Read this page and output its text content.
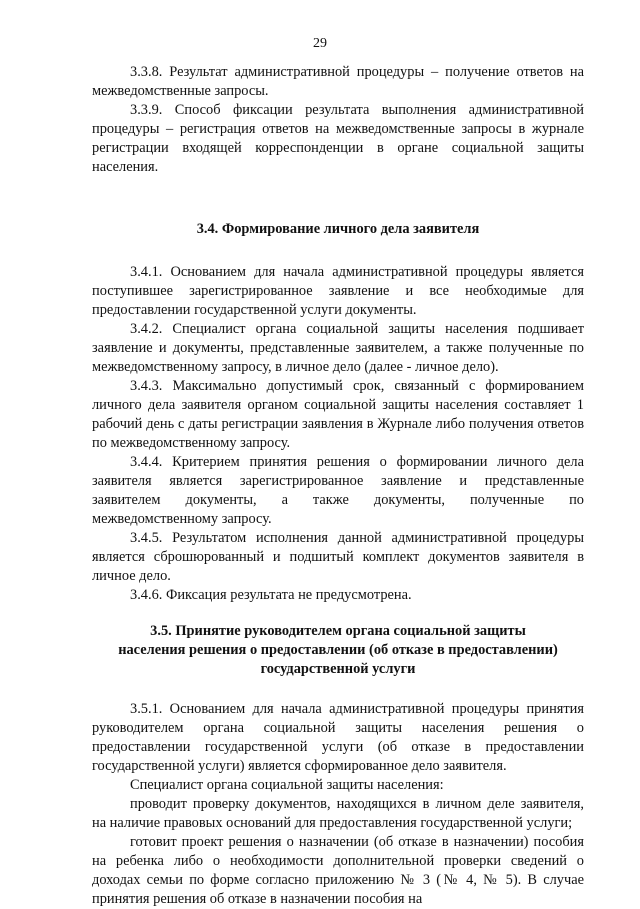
29

3.3.8. Результат административной процедуры – получение ответов на межведомственные запросы.

3.3.9. Способ фиксации результата выполнения административной процедуры – регистрация ответов на межведомственные запросы в журнале регистрации входящей корреспонденции в органе социальной защиты населения.

3.4. Формирование личного дела заявителя

3.4.1. Основанием для начала административной процедуры является поступившее зарегистрированное заявление и все необходимые для предоставлении государственной услуги документы.

3.4.2. Специалист органа социальной защиты населения подшивает заявление и документы, представленные заявителем, а также полученные по межведомственному запросу, в личное дело (далее - личное дело).

3.4.3. Максимально допустимый срок, связанный с формированием личного дела заявителя органом социальной защиты населения составляет 1 рабочий день с даты регистрации заявления в Журнале либо получения ответов по межведомственному запросу.

3.4.4. Критерием принятия решения о формировании личного дела заявителя является зарегистрированное заявление и представленные заявителем документы, а также документы, полученные по межведомственному запросу.

3.4.5. Результатом исполнения данной административной процедуры является сброшюрованный и подшитый комплект документов заявителя в личное дело.

3.4.6. Фиксация результата не предусмотрена.

3.5. Принятие руководителем органа социальной защиты
населения решения о предоставлении (об отказе в предоставлении)
государственной услуги

3.5.1. Основанием для начала административной процедуры принятия руководителем органа социальной защиты населения решения о предоставлении государственной услуги (об отказе в предоставлении государственной услуги) является сформированное дело заявителя.

Специалист органа социальной защиты населения:

проводит проверку документов, находящихся в личном деле заявителя, на наличие правовых оснований для предоставления государственной услуги;

готовит проект решения о назначении (об отказе в назначении) пособия на ребенка либо о необходимости дополнительной проверки сведений о доходах семьи по форме согласно приложению № 3 (№ 4, № 5). В случае принятия решения об отказе в назначении пособия на
